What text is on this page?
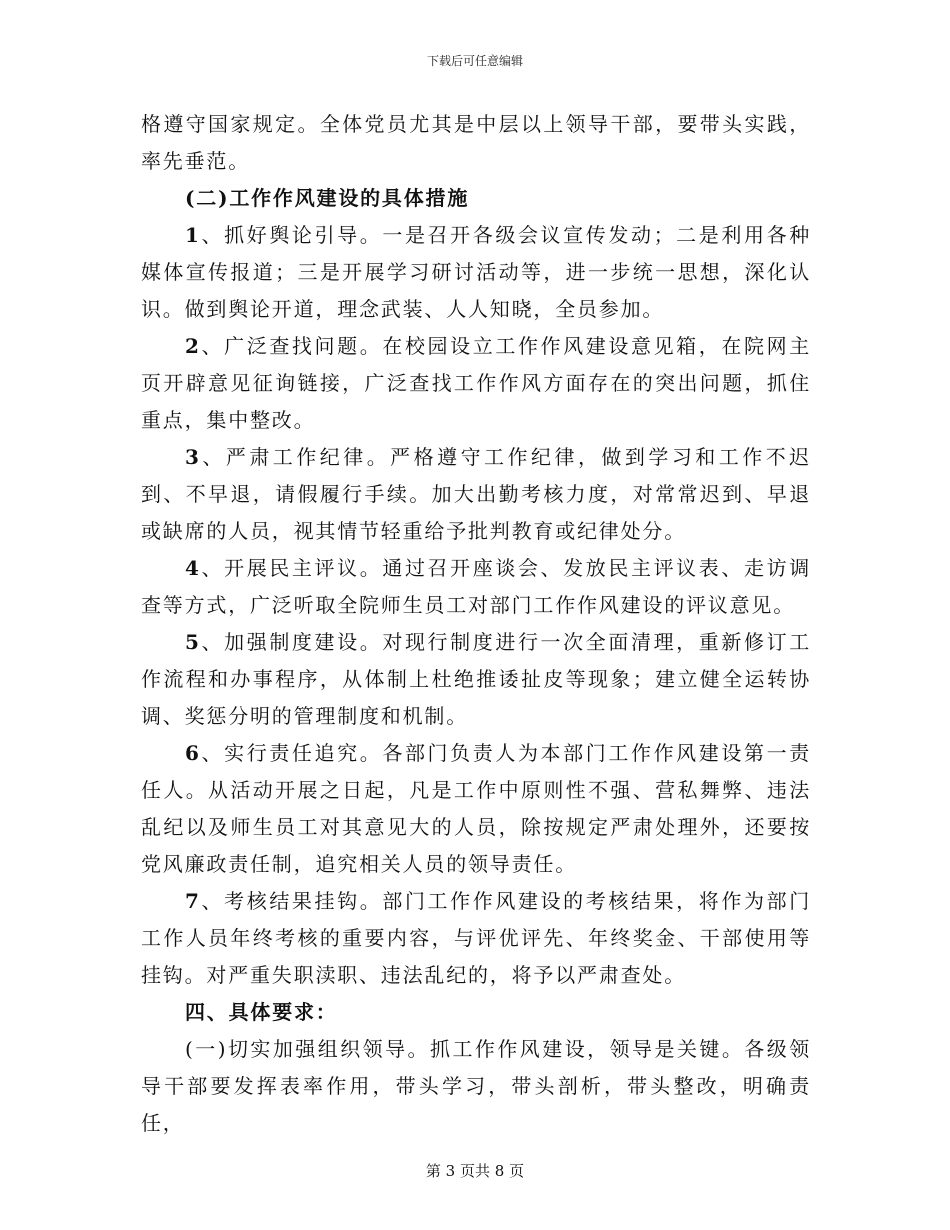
下载后可任意编辑

格遵守国家规定。全体党员尤其是中层以上领导干部，要带头实践，率先垂范。

(二)工作作风建设的具体措施

1、抓好舆论引导。一是召开各级会议宣传发动；二是利用各种媒体宣传报道；三是开展学习研讨活动等，进一步统一思想，深化认识。做到舆论开道，理念武装、人人知晓，全员参加。

2、广泛查找问题。在校园设立工作作风建设意见箱，在院网主页开辟意见征询链接，广泛查找工作作风方面存在的突出问题，抓住重点，集中整改。

3、严肃工作纪律。严格遵守工作纪律，做到学习和工作不迟到、不早退，请假履行手续。加大出勤考核力度，对常常迟到、早退或缺席的人员，视其情节轻重给予批判教育或纪律处分。

4、开展民主评议。通过召开座谈会、发放民主评议表、走访调查等方式，广泛听取全院师生员工对部门工作作风建设的评议意见。

5、加强制度建设。对现行制度进行一次全面清理，重新修订工作流程和办事程序，从体制上杜绝推诿扯皮等现象；建立健全运转协调、奖惩分明的管理制度和机制。

6、实行责任追究。各部门负责人为本部门工作作风建设第一责任人。从活动开展之日起，凡是工作中原则性不强、营私舞弊、违法乱纪以及师生员工对其意见大的人员，除按规定严肃处理外，还要按党风廉政责任制，追究相关人员的领导责任。

7、考核结果挂钩。部门工作作风建设的考核结果，将作为部门工作人员年终考核的重要内容，与评优评先、年终奖金、干部使用等挂钩。对严重失职渎职、违法乱纪的，将予以严肃查处。

四、具体要求：

(一)切实加强组织领导。抓工作作风建设，领导是关键。各级领导干部要发挥表率作用，带头学习，带头剖析，带头整改，明确责任，

第 3 页共 8 页
